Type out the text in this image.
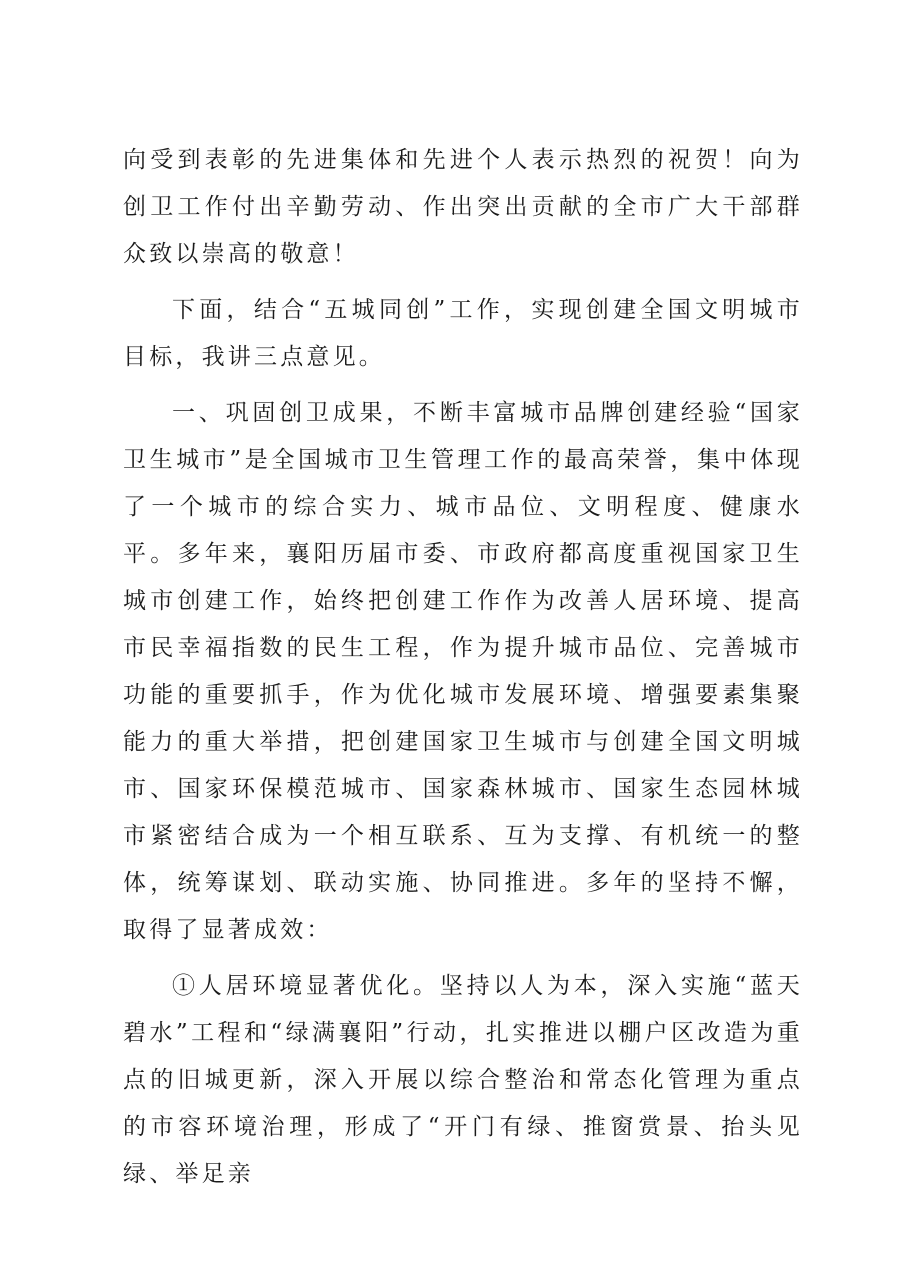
向受到表彰的先进集体和先进个人表示热烈的祝贺！向为创卫工作付出辛勤劳动、作出突出贡献的全市广大干部群众致以崇高的敬意！

下面，结合“五城同创”工作，实现创建全国文明城市目标，我讲三点意见。

一、巩固创卫成果，不断丰富城市品牌创建经验“国家卫生城市”是全国城市卫生管理工作的最高荣誉，集中体现了一个城市的综合实力、城市品位、文明程度、健康水平。多年来，襄阳历届市委、市政府都高度重视国家卫生城市创建工作，始终把创建工作作为改善人居环境、提高市民幸福指数的民生工程，作为提升城市品位、完善城市功能的重要抓手，作为优化城市发展环境、增强要素集聚能力的重大举措，把创建国家卫生城市与创建全国文明城市、国家环保模范城市、国家森林城市、国家生态园林城市紧密结合成为一个相互联系、互为支撑、有机统一的整体，统筹谋划、联动实施、协同推进。多年的坚持不懈，取得了显著成效：

①人居环境显著优化。坚持以人为本，深入实施“蓝天碧水”工程和“绿满襄阳”行动，扎实推进以棚户区改造为重点的旧城更新，深入开展以综合整治和常态化管理为重点的市容环境治理，形成了“开门有绿、推窗赏景、抬头见绿、举足亲
